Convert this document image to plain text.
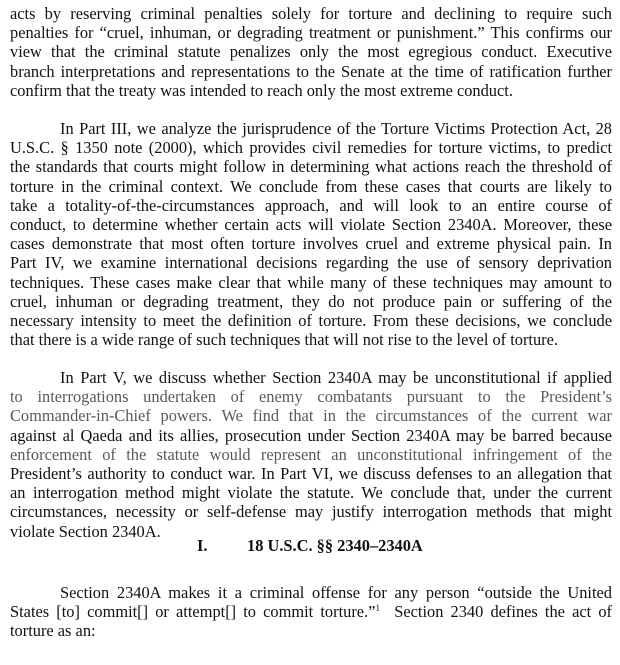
acts by reserving criminal penalties solely for torture and declining to require such
penalties for “cruel, inhuman, or degrading treatment or punishment.” This confirms our
view that the criminal statute penalizes only the most egregious conduct. Executive
branch interpretations and representations to the Senate at the time of ratification further
confirm that the treaty was intended to reach only the most extreme conduct.
In Part III, we analyze the jurisprudence of the Torture Victims Protection Act, 28
U.S.C. § 1350 note (2000), which provides civil remedies for torture victims, to predict
the standards that courts might follow in determining what actions reach the threshold of
torture in the criminal context. We conclude from these cases that courts are likely to
take a totality-of-the-circumstances approach, and will look to an entire course of
conduct, to determine whether certain acts will violate Section 2340A. Moreover, these
cases demonstrate that most often torture involves cruel and extreme physical pain. In
Part IV, we examine international decisions regarding the use of sensory deprivation
techniques. These cases make clear that while many of these techniques may amount to
cruel, inhuman or degrading treatment, they do not produce pain or suffering of the
necessary intensity to meet the definition of torture. From these decisions, we conclude
that there is a wide range of such techniques that will not rise to the level of torture.
In Part V, we discuss whether Section 2340A may be unconstitutional if applied
to interrogations undertaken of enemy combatants pursuant to the President’s
Commander-in-Chief powers. We find that in the circumstances of the current war
against al Qaeda and its allies, prosecution under Section 2340A may be barred because
enforcement of the statute would represent an unconstitutional infringement of the
President’s authority to conduct war. In Part VI, we discuss defenses to an allegation that
an interrogation method might violate the statute. We conclude that, under the current
circumstances, necessity or self-defense may justify interrogation methods that might
violate Section 2340A.
I. 18 U.S.C. §§ 2340–2340A
Section 2340A makes it a criminal offense for any person “outside the United
States [to] commit[] or attempt[] to commit torture.”$^1$  Section 2340 defines the act of
torture as an:
